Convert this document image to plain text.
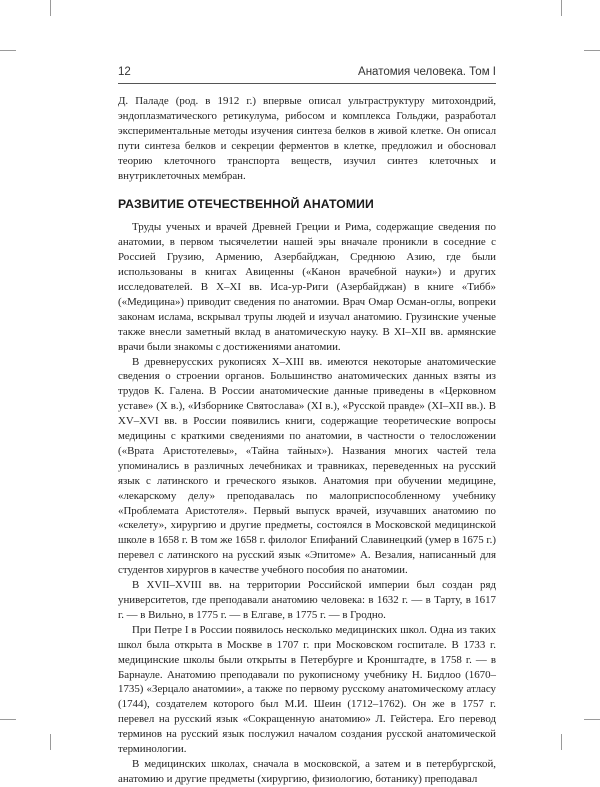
12	Анатомия человека. Том I

Д. Паладе (род. в 1912 г.) впервые описал ультраструктуру митохондрий, эндоплазматического ретикулума, рибосом и комплекса Гольджи, разработал экспериментальные методы изучения синтеза белков в живой клетке. Он описал пути синтеза белков и секреции ферментов в клетке, предложил и обосновал теорию клеточного транспорта веществ, изучил синтез клеточных и внутриклеточных мембран.

РАЗВИТИЕ ОТЕЧЕСТВЕННОЙ АНАТОМИИ

Труды ученых и врачей Древней Греции и Рима, содержащие сведения по анатомии, в первом тысячелетии нашей эры вначале проникли в соседние с Россией Грузию, Армению, Азербайджан, Среднюю Азию, где были использованы в книгах Авиценны («Канон врачебной науки») и других исследователей. В X–XI вв. Иса-ур-Риги (Азербайджан) в книге «Тибб» («Медицина») приводит сведения по анатомии. Врач Омар Осман-оглы, вопреки законам ислама, вскрывал трупы людей и изучал анатомию. Грузинские ученые также внесли заметный вклад в анатомическую науку. В XI–XII вв. армянские врачи были знакомы с достижениями анатомии.

В древнерусских рукописях X–XIII вв. имеются некоторые анатомические сведения о строении органов. Большинство анатомических данных взяты из трудов К. Галена. В России анатомические данные приведены в «Церковном уставе» (X в.), «Изборнике Святослава» (XI в.), «Русской правде» (XI–XII вв.). В XV–XVI вв. в России появились книги, содержащие теоретические вопросы медицины с краткими сведениями по анатомии, в частности о телосложении («Врата Аристотелевы», «Тайна тайных»). Названия многих частей тела упоминались в различных лечебниках и травниках, переведенных на русский язык с латинского и греческого языков. Анатомия при обучении медицине, «лекарскому делу» преподавалась по малоприспособленному учебнику «Проблемата Аристотеля». Первый выпуск врачей, изучавших анатомию по «скелету», хирургию и другие предметы, состоялся в Московской медицинской школе в 1658 г. В том же 1658 г. филолог Епифаний Славинецкий (умер в 1675 г.) перевел с латинского на русский язык «Эпитоме» А. Везалия, написанный для студентов хирургов в качестве учебного пособия по анатомии.

В XVII–XVIII вв. на территории Российской империи был создан ряд университетов, где преподавали анатомию человека: в 1632 г. — в Тарту, в 1617 г. — в Вильно, в 1775 г. — в Елгаве, в 1775 г. — в Гродно.

При Петре I в России появилось несколько медицинских школ. Одна из таких школ была открыта в Москве в 1707 г. при Московском госпитале. В 1733 г. медицинские школы были открыты в Петербурге и Кронштадте, в 1758 г. — в Барнауле. Анатомию преподавали по рукописному учебнику Н. Бидлоо (1670–1735) «Зерцало анатомии», а также по первому русскому анатомическому атласу (1744), создателем которого был М.И. Шеин (1712–1762). Он же в 1757 г. перевел на русский язык «Сокращенную анатомию» Л. Гейстера. Его перевод терминов на русский язык послужил началом создания русской анатомической терминологии.

В медицинских школах, сначала в московской, а затем и в петербургской, анатомию и другие предметы (хирургию, физиологию, ботанику) преподавал
